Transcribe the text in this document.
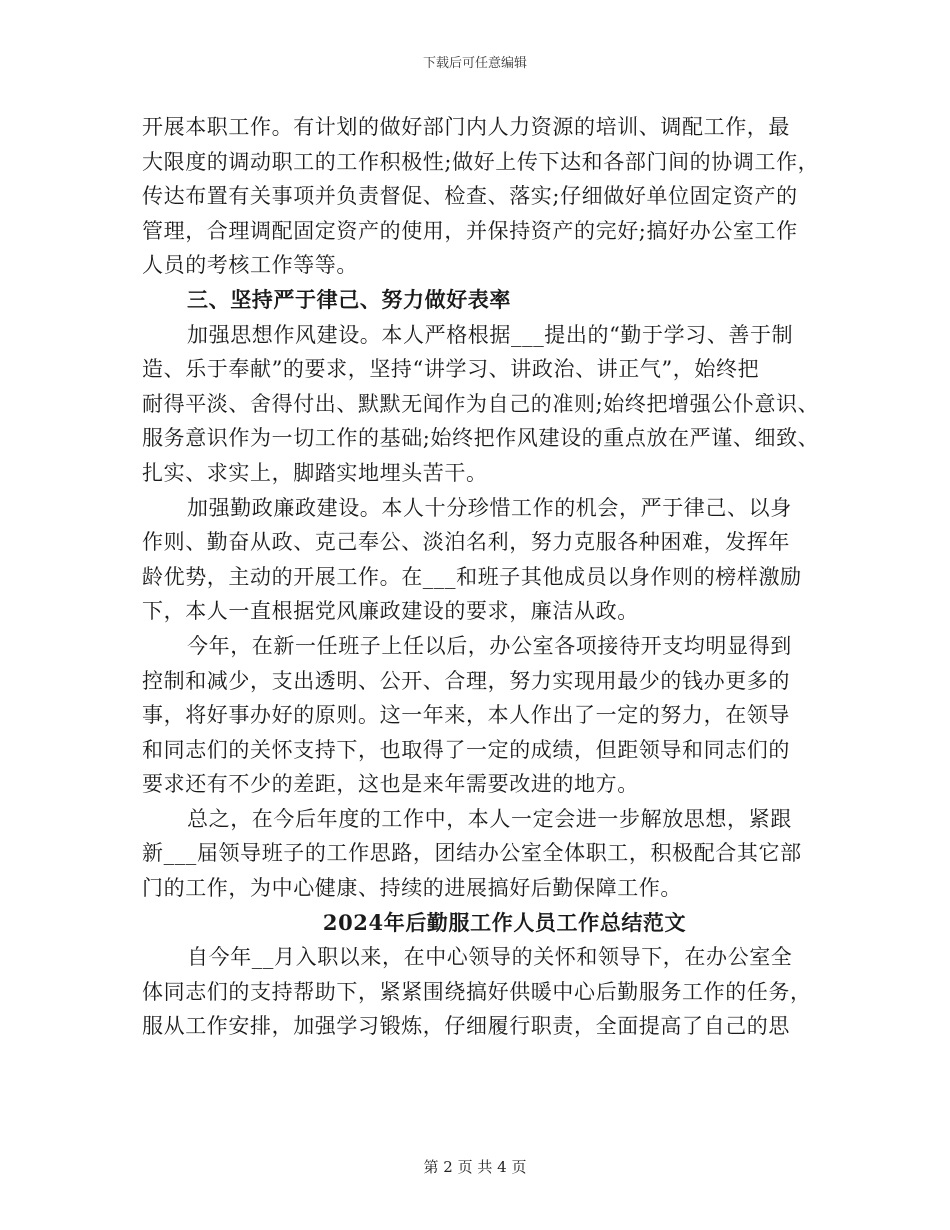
下载后可任意编辑
开展本职工作。有计划的做好部门内人力资源的培训、调配工作，最
大限度的调动职工的工作积极性;做好上传下达和各部门间的协调工作，
传达布置有关事项并负责督促、检查、落实;仔细做好单位固定资产的
管理，合理调配固定资产的使用，并保持资产的完好;搞好办公室工作
人员的考核工作等等。
三、坚持严于律己、努力做好表率
加强思想作风建设。本人严格根据___提出的“勤于学习、善于制
造、乐于奉献”的要求，坚持“讲学习、讲政治、讲正气”，始终把
耐得平淡、舍得付出、默默无闻作为自己的准则;始终把增强公仆意识、
服务意识作为一切工作的基础;始终把作风建设的重点放在严谨、细致、
扎实、求实上，脚踏实地埋头苦干。
加强勤政廉政建设。本人十分珍惜工作的机会，严于律己、以身
作则、勤奋从政、克己奉公、淡泊名利，努力克服各种困难，发挥年
龄优势，主动的开展工作。在___和班子其他成员以身作则的榜样激励
下，本人一直根据党风廉政建设的要求，廉洁从政。
今年，在新一任班子上任以后，办公室各项接待开支均明显得到
控制和减少，支出透明、公开、合理，努力实现用最少的钱办更多的
事，将好事办好的原则。这一年来，本人作出了一定的努力，在领导
和同志们的关怀支持下，也取得了一定的成绩，但距领导和同志们的
要求还有不少的差距，这也是来年需要改进的地方。
总之，在今后年度的工作中，本人一定会进一步解放思想，紧跟
新___届领导班子的工作思路，团结办公室全体职工，积极配合其它部
门的工作，为中心健康、持续的进展搞好后勤保障工作。
2024年后勤服工作人员工作总结范文
自今年__月入职以来，在中心领导的关怀和领导下，在办公室全
体同志们的支持帮助下，紧紧围绕搞好供暖中心后勤服务工作的任务，
服从工作安排，加强学习锻炼，仔细履行职责，全面提高了自己的思
第 2 页 共 4 页
